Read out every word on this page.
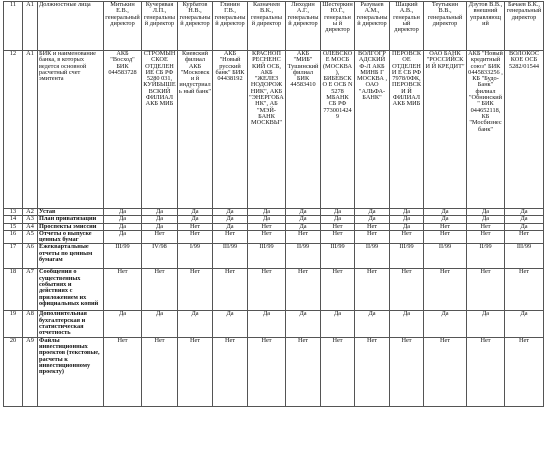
11	A1	Должностные лица	Митькин Е.В., генеральный директор	Кучерявая Л.П., генеральны й директор	Курбатов Н.В., генеральны й директор	Глинин Г.В., генеральны й директор	Казначеев В.К., генеральны й директор	Лиходин А.Г., генеральны й директор	Шестеркин Ю.Г., генеральны й директор	Разуваев А.М., генеральны й директор	Шацкий А.В., генеральный директор	Теутыкин В.В., генеральный директор	Дзутов В.В., внешний управляющ ий	Бачаев Б.К., генеральный директор
12	А1	БИК и наименование банка, в которых ведется основной расчетный счет эмитента	АКБ "Восход" БИК 044583728	СТРОМЫН СКОЕ ОТДЕЛЕН ИЕ СБ РФ 5280 031, КУЙБЫШЕ ВСКИЙ ФИЛИАЛ АКБ МИБ	Киевский филиал АКБ "Московски й индустриаль ный банк"	АКБ "Новый русский банк" БИК 04438192	КРАСНОП РЕСНЕНС КИЙ ОСБ, АКБ "ЖЕЛЕЗ НОДОРОЖ НИК", АКБ "ЭНЕРГОБА НК", АБ "МЭЙ-БАНК МОСКВЫ"	АКБ "МИБ" Тушинский филиал БИК 44583410	ОЛЕВСКО Е МОСБ (МОСКВА), БИБЕВСКО Е ОСБ N 5278 МБАНК СБ РФ 7730014249	ВОЛГОГР АДСКИЙ Ф-Л АКБ МИНБ Г МОСКВА , ОАО "АЛЬФА- БАНК"	ПЕРОВСКОЕ ОТДЕЛЕНИ Е СБ РФ 7978/0ФК, ПЕРОВСКИ Й ФИЛИАЛ АКБ МИБ	ОАО БАНК "РОССИЙСКИ Й КРЕДИТ"	АКБ "Новый кредитный союз" БИК 0445833256 , КБ "Будо- Банк" филиал "Обнинский" БИК 044652118, КБ "Мосбизнес банк"	ВОЛОКОС КОЕ ОСБ 5282/01544
13	А2	Устав	Да	Да	Да	Да	Да	Да	Да	Да	Да	Да	Да	Да
14	А3	План приватизации	Да	Да	Да	Да	Да	Да	Да	Да	Да	Да	Да	Да
15	А4	Проспекты эмиссии	Да	Да	Нет	Да	Нет	Да	Нет	Нет	Да	Нет	Нет	Да
16	А5	Отчеты о выпуске ценных бумаг	Да	Нет	Нет	Нет	Нет	Нет	Нет	Нет	Нет	Нет	Нет	Нет
17	А6	Ежеквартальные отчеты по ценным бумагам	III/99	IV/98	I/99	III/99	III/99	II/99	III/99	II/99	III/99	II/99	II/99	III/99
18	А7	Сообщения о существенных событиях и действиях с приложением их официальных копий	Нет	Нет	Нет	Нет	Нет	Нет	Нет	Нет	Нет	Нет	Нет	Нет
19	А8	Дополнительная бухгалтерская и статистическая отчетность	Да	Да	Да	Да	Да	Да	Да	Да	Да	Да	Да	Да
20	А9	Файлы инвестиционных проектов (текстовые, расчеты к инвестиционному проекту)	Нет	Нет	Нет	Нет	Нет	Нет	Нет	Нет	Нет	Нет	Нет	Нет
